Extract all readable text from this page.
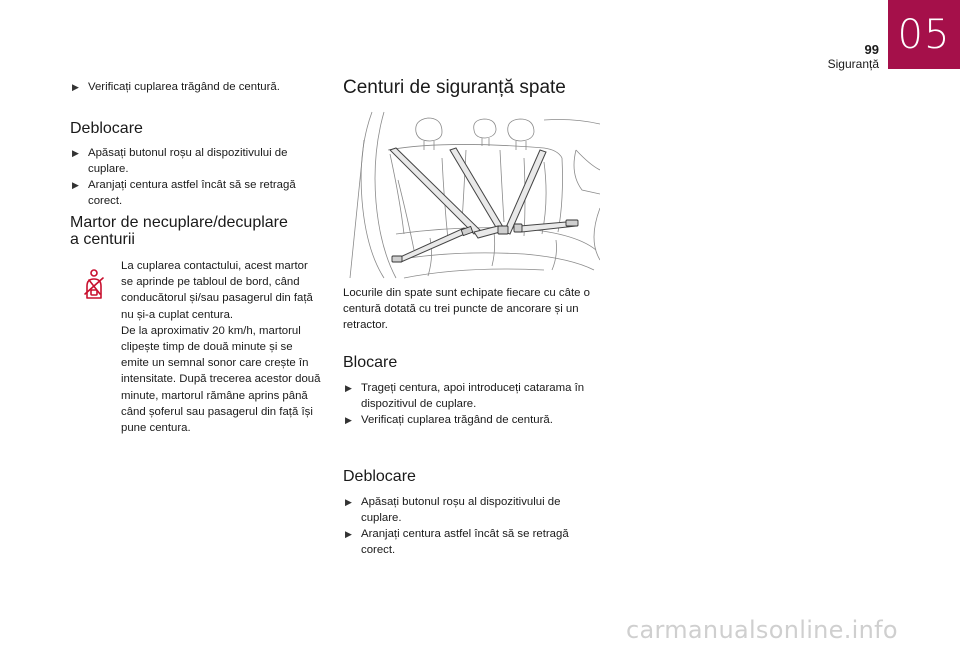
99
Siguranță
05
▶ Verificați cuplarea trăgând de centură.
Deblocare
▶ Apăsați butonul roșu al dispozitivului de cuplare.
▶ Aranjați centura astfel încât să se retragă corect.
Martor de necuplare/decuplare
a centurii

La cuplarea contactului, acest martor se aprinde pe tabloul de bord, când conducătorul și/sau pasagerul din față nu și-a cuplat centura.

De la aproximativ 20 km/h, martorul clipește timp de două minute și se emite un semnal sonor care crește în intensitate. După trecerea acestor două minute, martorul rămâne aprins până când șoferul sau pasagerul din față își pune centura.

Centuri de siguranță spate

Locurile din spate sunt echipate fiecare cu câte o centură dotată cu trei puncte de ancorare și un retractor.

Blocare
▶ Trageți centura, apoi introduceți catarama în dispozitivul de cuplare.
▶ Verificați cuplarea trăgând de centură.
Deblocare
▶ Apăsați butonul roșu al dispozitivului de cuplare.
▶ Aranjați centura astfel încât să se retragă corect.
carmanualsonline.info
